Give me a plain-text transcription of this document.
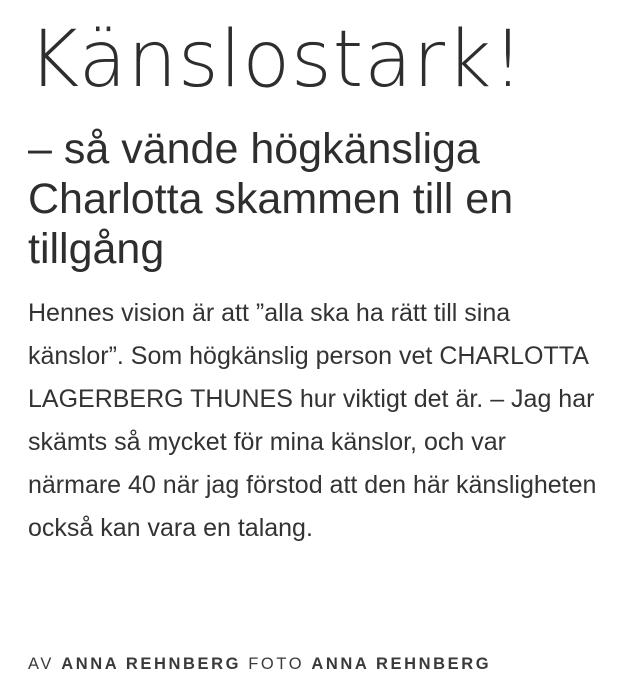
Känslostark!
– så vände högkänsliga Charlotta skammen till en tillgång

Hennes vision är att ”alla ska ha rätt till sina känslor”. Som högkänslig person vet CHARLOTTA LAGERBERG THUNES hur viktigt det är. – Jag har skämts så mycket för mina känslor, och var närmare 40 när jag förstod att den här känsligheten också kan vara en talang.

AV ANNA REHNBERG FOTO ANNA REHNBERG
